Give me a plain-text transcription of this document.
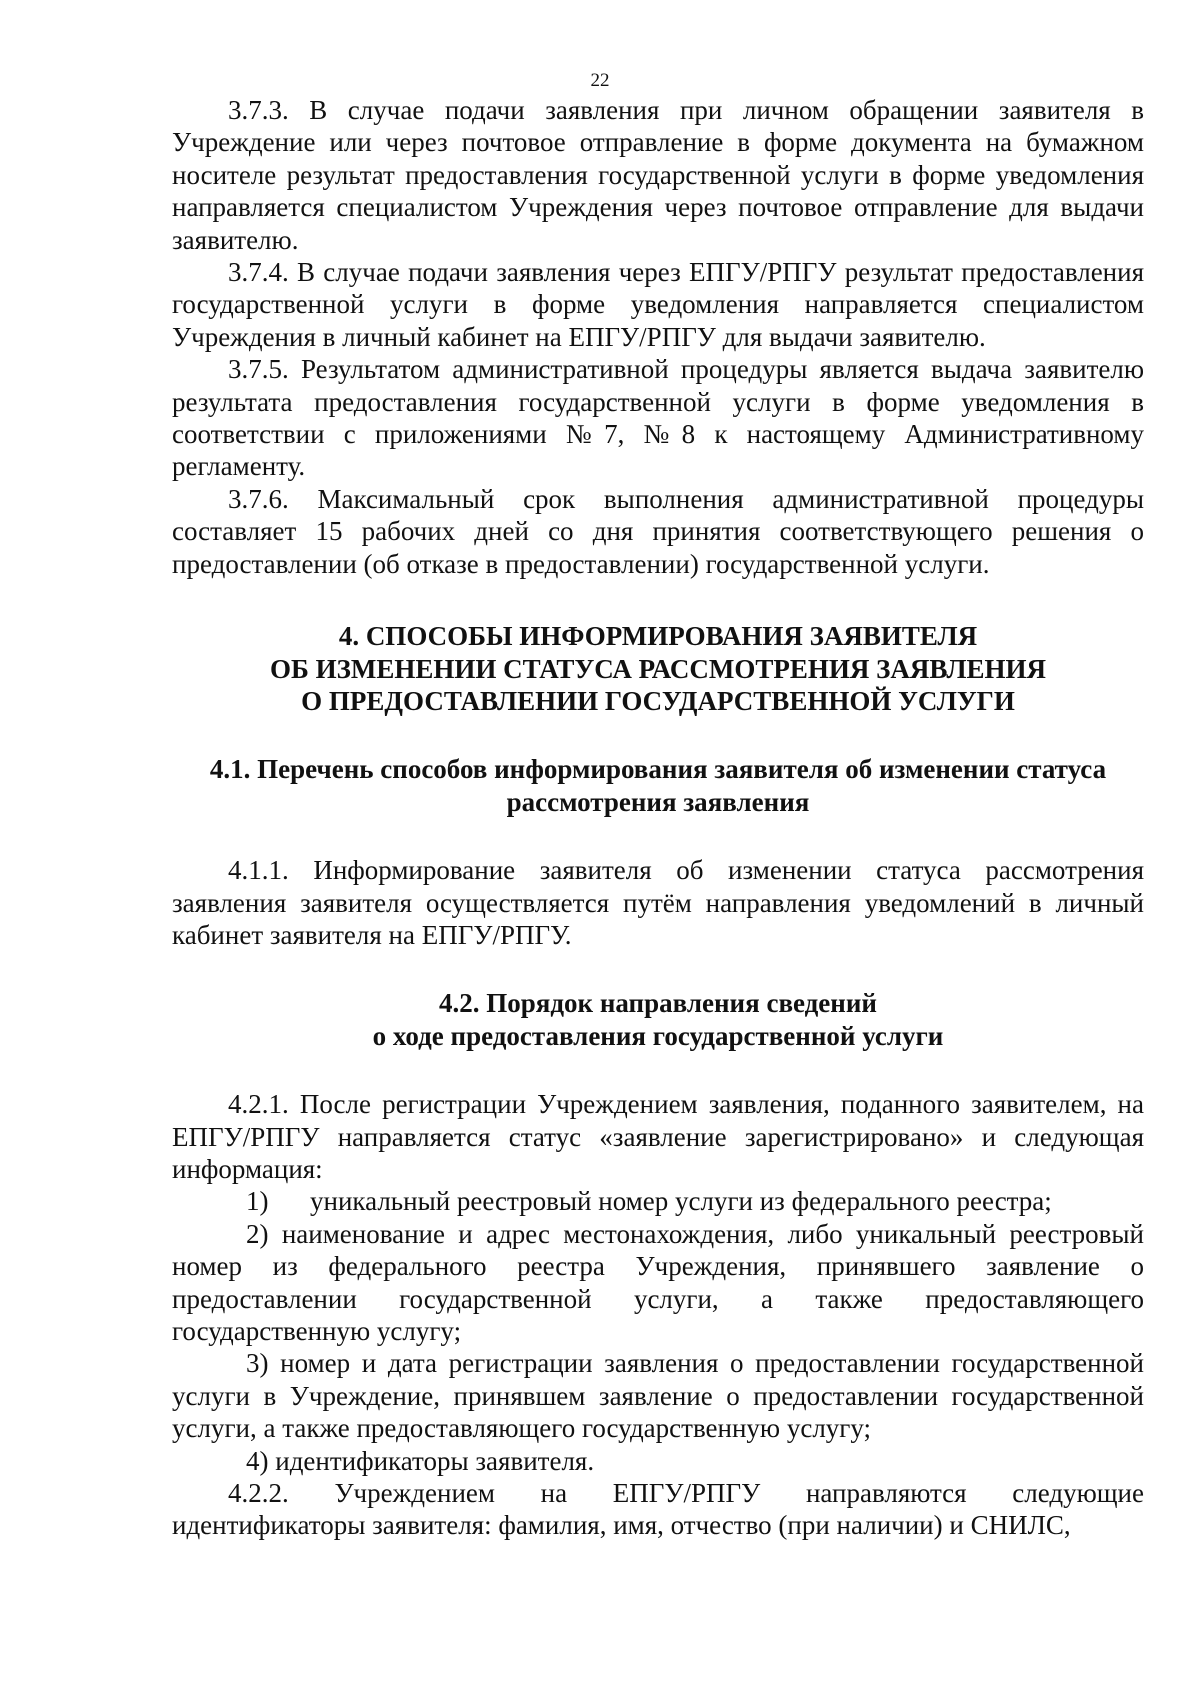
22

3.7.3. В случае подачи заявления при личном обращении заявителя в Учреждение или через почтовое отправление в форме документа на бумажном носителе результат предоставления государственной услуги в форме уведомления направляется специалистом Учреждения через почтовое отправление для выдачи заявителю.

3.7.4. В случае подачи заявления через ЕПГУ/РПГУ результат предоставления государственной услуги в форме уведомления направляется специалистом Учреждения в личный кабинет на ЕПГУ/РПГУ для выдачи заявителю.

3.7.5. Результатом административной процедуры является выдача заявителю результата предоставления государственной услуги в форме уведомления в соответствии с приложениями №7, №8 к настоящему Административному регламенту.

3.7.6. Максимальный срок выполнения административной процедуры составляет 15 рабочих дней со дня принятия соответствующего решения о предоставлении (об отказе в предоставлении) государственной услуги.

4. СПОСОБЫ ИНФОРМИРОВАНИЯ ЗАЯВИТЕЛЯ

ОБ ИЗМЕНЕНИИ СТАТУСА РАССМОТРЕНИЯ ЗАЯВЛЕНИЯ

О ПРЕДОСТАВЛЕНИИ ГОСУДАРСТВЕННОЙ УСЛУГИ

4.1. Перечень способов информирования заявителя об изменении статуса

рассмотрения заявления

4.1.1. Информирование заявителя об изменении статуса рассмотрения заявления заявителя осуществляется путём направления уведомлений в личный кабинет заявителя на ЕПГУ/РПГУ.

4.2. Порядок направления сведений

о ходе предоставления государственной услуги

4.2.1. После регистрации Учреждением заявления, поданного заявителем, на ЕПГУ/РПГУ направляется статус «заявление зарегистрировано» и следующая информация:

1) уникальный реестровый номер услуги из федерального реестра;

2) наименование и адрес местонахождения, либо уникальный реестровый номер из федерального реестра Учреждения, принявшего заявление о предоставлении государственной услуги, а также предоставляющего государственную услугу;

3) номер и дата регистрации заявления о предоставлении государственной услуги в Учреждение, принявшем заявление о предоставлении государственной услуги, а также предоставляющего государственную услугу;

4) идентификаторы заявителя.

4.2.2. Учреждением на ЕПГУ/РПГУ направляются следующие идентификаторы заявителя: фамилия, имя, отчество (при наличии) и СНИЛС,
